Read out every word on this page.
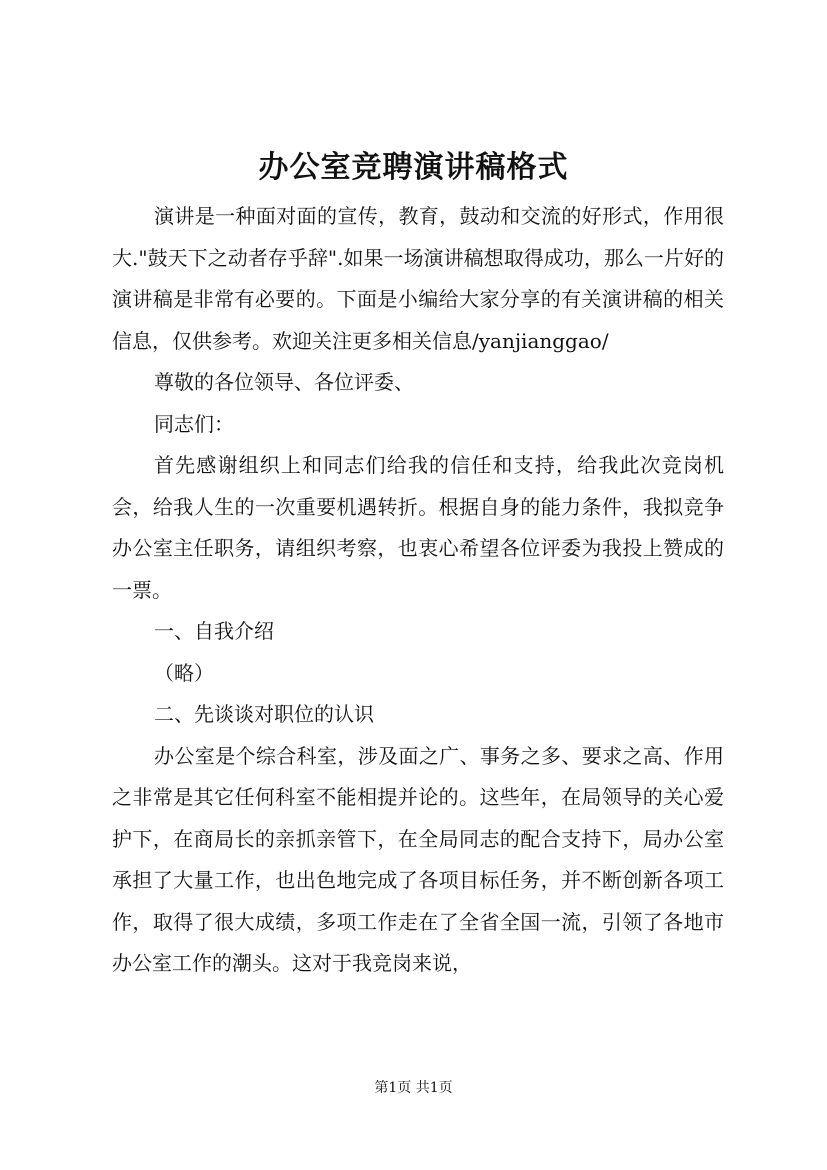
办公室竞聘演讲稿格式

演讲是一种面对面的宣传，教育，鼓动和交流的好形式，作用很大."鼓天下之动者存乎辞".如果一场演讲稿想取得成功，那么一片好的演讲稿是非常有必要的。下面是小编给大家分享的有关演讲稿的相关信息，仅供参考。欢迎关注更多相关信息/yanjianggao/

尊敬的各位领导、各位评委、

同志们：

首先感谢组织上和同志们给我的信任和支持，给我此次竞岗机会，给我人生的一次重要机遇转折。根据自身的能力条件，我拟竞争办公室主任职务，请组织考察，也衷心希望各位评委为我投上赞成的一票。

一、自我介绍

（略）

二、先谈谈对职位的认识

办公室是个综合科室，涉及面之广、事务之多、要求之高、作用之非常是其它任何科室不能相提并论的。这些年，在局领导的关心爱护下，在商局长的亲抓亲管下，在全局同志的配合支持下，局办公室承担了大量工作，也出色地完成了各项目标任务，并不断创新各项工作，取得了很大成绩，多项工作走在了全省全国一流，引领了各地市办公室工作的潮头。这对于我竞岗来说，

第1页 共1页
